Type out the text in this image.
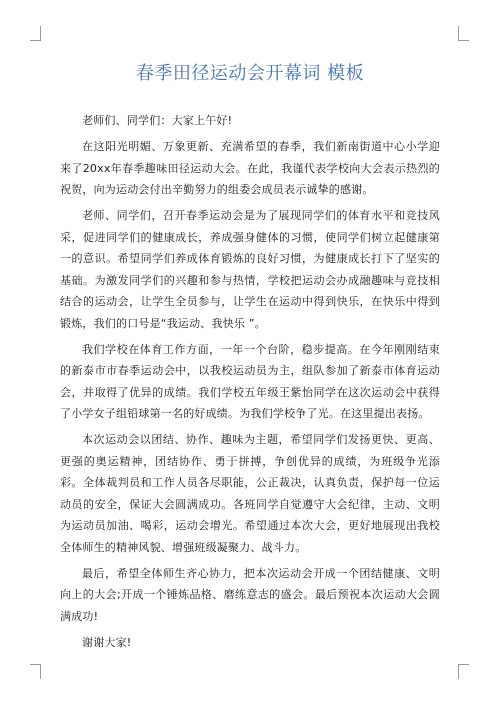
春季田径运动会开幕词 模板

老师们、同学们：大家上午好!

在这阳光明媚、万象更新、充满希望的春季，我们新南街道中心小学迎来了20xx年春季趣味田径运动大会。在此，我谨代表学校向大会表示热烈的祝贺，向为运动会付出辛勤努力的组委会成员表示诚挚的感谢。

老师、同学们，召开春季运动会是为了展现同学们的体育水平和竞技风采，促进同学们的健康成长，养成强身健体的习惯，使同学们树立起健康第一的意识。希望同学们养成体育锻炼的良好习惯，为健康成长打下了坚实的基础。为激发同学们的兴趣和参与热情，学校把运动会办成融趣味与竞技相结合的运动会，让学生全员参与，让学生在运动中得到快乐，在快乐中得到锻炼，我们的口号是“我运动、我快乐 ”。

我们学校在体育工作方面，一年一个台阶，稳步提高。在今年刚刚结束的新泰市市春季运动会中，以我校运动员为主，组队参加了新泰市体育运动会，并取得了优异的成绩。我们学校五年级王紫怡同学在这次运动会中获得了小学女子组铅球第一名的好成绩。为我们学校争了光。在这里提出表扬。

本次运动会以团结、协作、趣味为主题，希望同学们发扬更快、更高、更强的奥运精神，团结协作、勇于拼搏，争创优异的成绩，为班级争光添彩。全体裁判员和工作人员各尽职能，公正裁决，认真负责，保护每一位运动员的安全，保证大会圆满成功。各班同学自觉遵守大会纪律，主动、文明为运动员加油、喝彩，运动会增光。希望通过本次大会，更好地展现出我校全体师生的精神风貌、增强班级凝聚力、战斗力。

最后，希望全体师生齐心协力，把本次运动会开成一个团结健康、文明向上的大会;开成一个锤炼品格、磨练意志的盛会。最后预祝本次运动大会圆满成功!

谢谢大家!
